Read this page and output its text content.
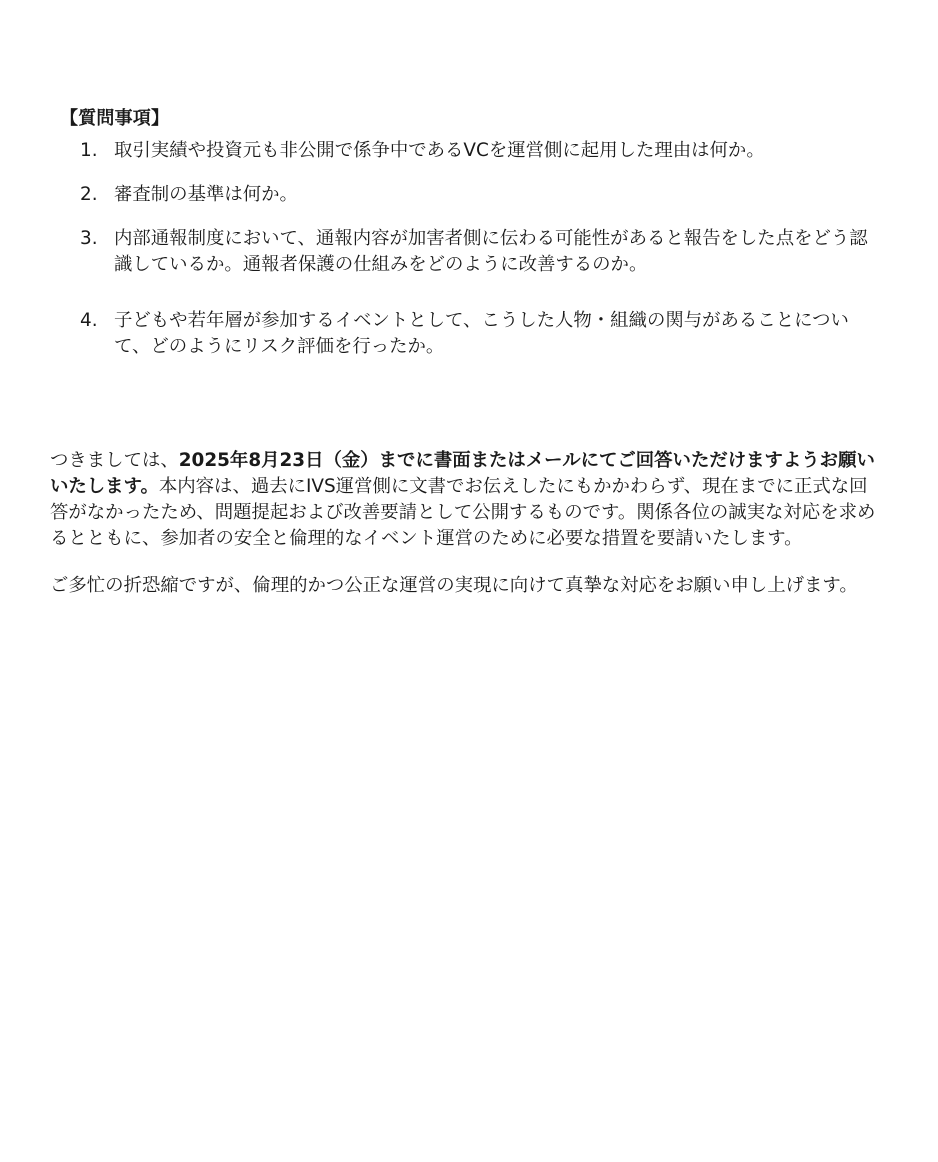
【質問事項】
1. 取引実績や投資元も非公開で係争中であるVCを運営側に起用した理由は何か。
2. 審査制の基準は何か。
3. 内部通報制度において、通報内容が加害者側に伝わる可能性があると報告をした点をどう認識しているか。通報者保護の仕組みをどのように改善するのか。
4. 子どもや若年層が参加するイベントとして、こうした人物・組織の関与があることについて、どのようにリスク評価を行ったか。

つきましては、2025年8月23日（金）までに書面またはメールにてご回答いただけますようお願いいたします。本内容は、過去にIVS運営側に文書でお伝えしたにもかかわらず、現在までに正式な回答がなかったため、問題提起および改善要請として公開するものです。関係各位の誠実な対応を求めるとともに、参加者の安全と倫理的なイベント運営のために必要な措置を要請いたします。

ご多忙の折恐縮ですが、倫理的かつ公正な運営の実現に向けて真摯な対応をお願い申し上げます。
